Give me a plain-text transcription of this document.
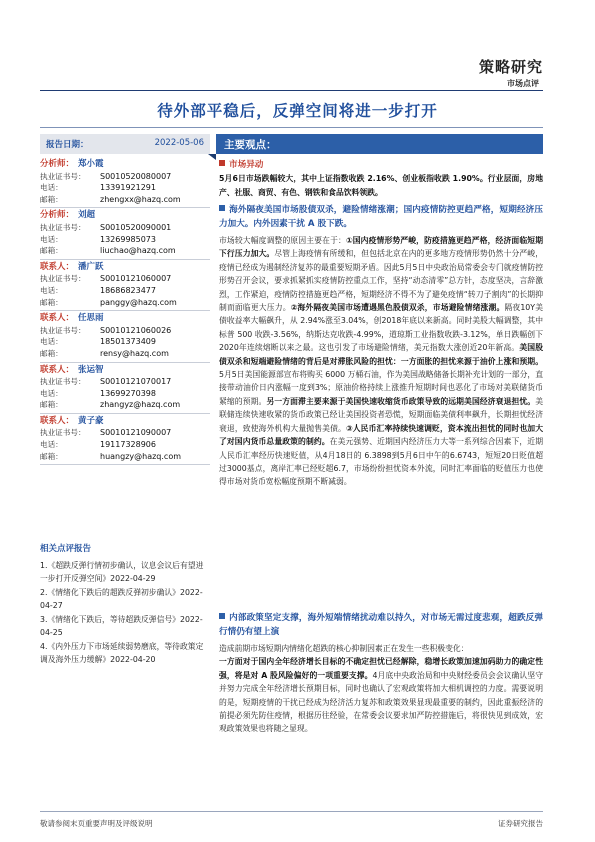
策略研究
市场点评
待外部平稳后，反弹空间将进一步打开
报告日期：	2022-05-06
分析师： 郑小霞
执业证书号：	S0010520080007
电话：	13391921291
邮箱：	zhengxx@hazq.com
分析师： 刘超
执业证书号：	S0010520090001
电话：	13269985073
邮箱：	liuchao@hazq.com
联系人： 潘广跃
执业证书号：	S0010121060007
电话：	18686823477
邮箱：	panggy@hazq.com
联系人： 任思雨
执业证书号：	S0010121060026
电话：	18501373409
邮箱：	rensy@hazq.com
联系人： 张运智
执业证书号：	S0010121070017
电话：	13699270398
邮箱：	zhangyz@hazq.com
联系人： 黄子豪
执业证书号：	S0010121090007
电话：	19117328906
邮箱：	huangzy@hazq.com
相关点评报告
1.《超跌反弹行情初步确认，议息会议后有望进一步打开反弹空间》2022-04-29
2.《情绪化下跌后的超跌反弹初步确认》2022-04-27
3.《情绪化下跌后，等待超跌反弹信号》2022-04-25
4.《内外压力下市场延续弱势磨底，等待政策定调及海外压力缓解》2022-04-20
主要观点：
市场异动
5月6日市场跌幅较大，其中上证指数收跌 2.16%、创业板指收跌 1.90%。行业层面，房地产、社服、商贸、有色、钢铁和食品饮料领跌。
海外隔夜美国市场股债双杀，避险情绪涨潮；国内疫情防控更趋严格，短期经济压力加大。内外因素干扰 A 股下跌。
市场较大幅度调整的原因主要在于：①国内疫情形势严峻，防疫措施更趋严格，经济面临短期下行压力加大。尽管上海疫情有所缓和，但包括北京在内的更多地方疫情形势仍然十分严峻，疫情已经成为遏制经济复苏的最重要短期矛盾。因此5月5日中央政治局常委会专门就疫情防控形势召开会议，要求抓紧抓实疫情防控重点工作，坚持“动态清零”总方针，态度坚决，言辞激烈，工作紧迫，疫情防控措施更趋严格，短期经济不得不为了避免疫情“转刀子割肉”的长期抑制而面临更大压力。②海外隔夜美国市场遭遇黑色股债双杀，市场避险情绪涨潮。隔夜10Y美债收益率大幅飙升，从 2.94%涨至3.04%，创2018年底以来新高。同时美股大幅调整，其中标普 500 收跌-3.56%，纳斯达克收跌-4.99%，道琼斯工业指数收跌-3.12%，单日跌幅创下2020年连续熔断以来之最。这也引发了市场避险情绪，美元指数大涨创近20年新高。美国股债双杀和短端避险情绪的背后是对滞胀风险的担忧：一方面胀的担忧来源于油价上涨和预期。5月5日美国能源部宣布将购买 6000 万桶石油，作为美国战略储备长期补充计划的一部分，直接带动油价日内涨幅一度到3%；原油价格持续上涨推升短期时间也恶化了市场对美联储货币紧缩的预期。另一方面滞主要来源于美国快速收缩货币政策导致的远期美国经济衰退担忧。美联储连续快速收紧的货币政策已经让美国投资者恐慌，短期面临美债利率飙升，长期担忧经济衰退，致使海外机构大量抛售美债。③人民币汇率持续快速调贬，资本流出担忧的同时也加大了对国内货币总量政策的制约。在美元强势、近期国内经济压力大等一系列综合因素下，近期人民币汇率经历快速贬值，从4月18日的 6.3898到5月6日中午的6.6743，短短20日贬值超过3000基点，离岸汇率已经贬超6.7，市场纷纷担忧资本外流，同时汇率面临的贬值压力也使得市场对货币宽松幅度预期不断减弱。
内部政策坚定支撑，海外短端情绪扰动难以持久，对市场无需过度悲观，超跌反弹行情仍有望上演
造成前期市场短期内情绪化超跌的核心抑制因素正在发生一些积极变化：
一方面对于国内全年经济增长目标的不确定担忧已经解除，稳增长政策加速加码助力的确定性强，将是对 A 股风险偏好的一项重要支撑。4月底中央政治局和中央财经委员会会议确认坚守并努力完成全年经济增长预期目标，同时也确认了宏观政策将加大相机调控的力度。需要说明的是，短期疫情的干扰已经成为经济活力复苏和政策效果显现最重要的制约，因此重振经济的前提必须先防住疫情，根据历往经验，在常委会议要求加严防控措施后，将很快见到成效，宏观政策效果也将随之显现。
敬请参阅末页重要声明及评级说明	证券研究报告
